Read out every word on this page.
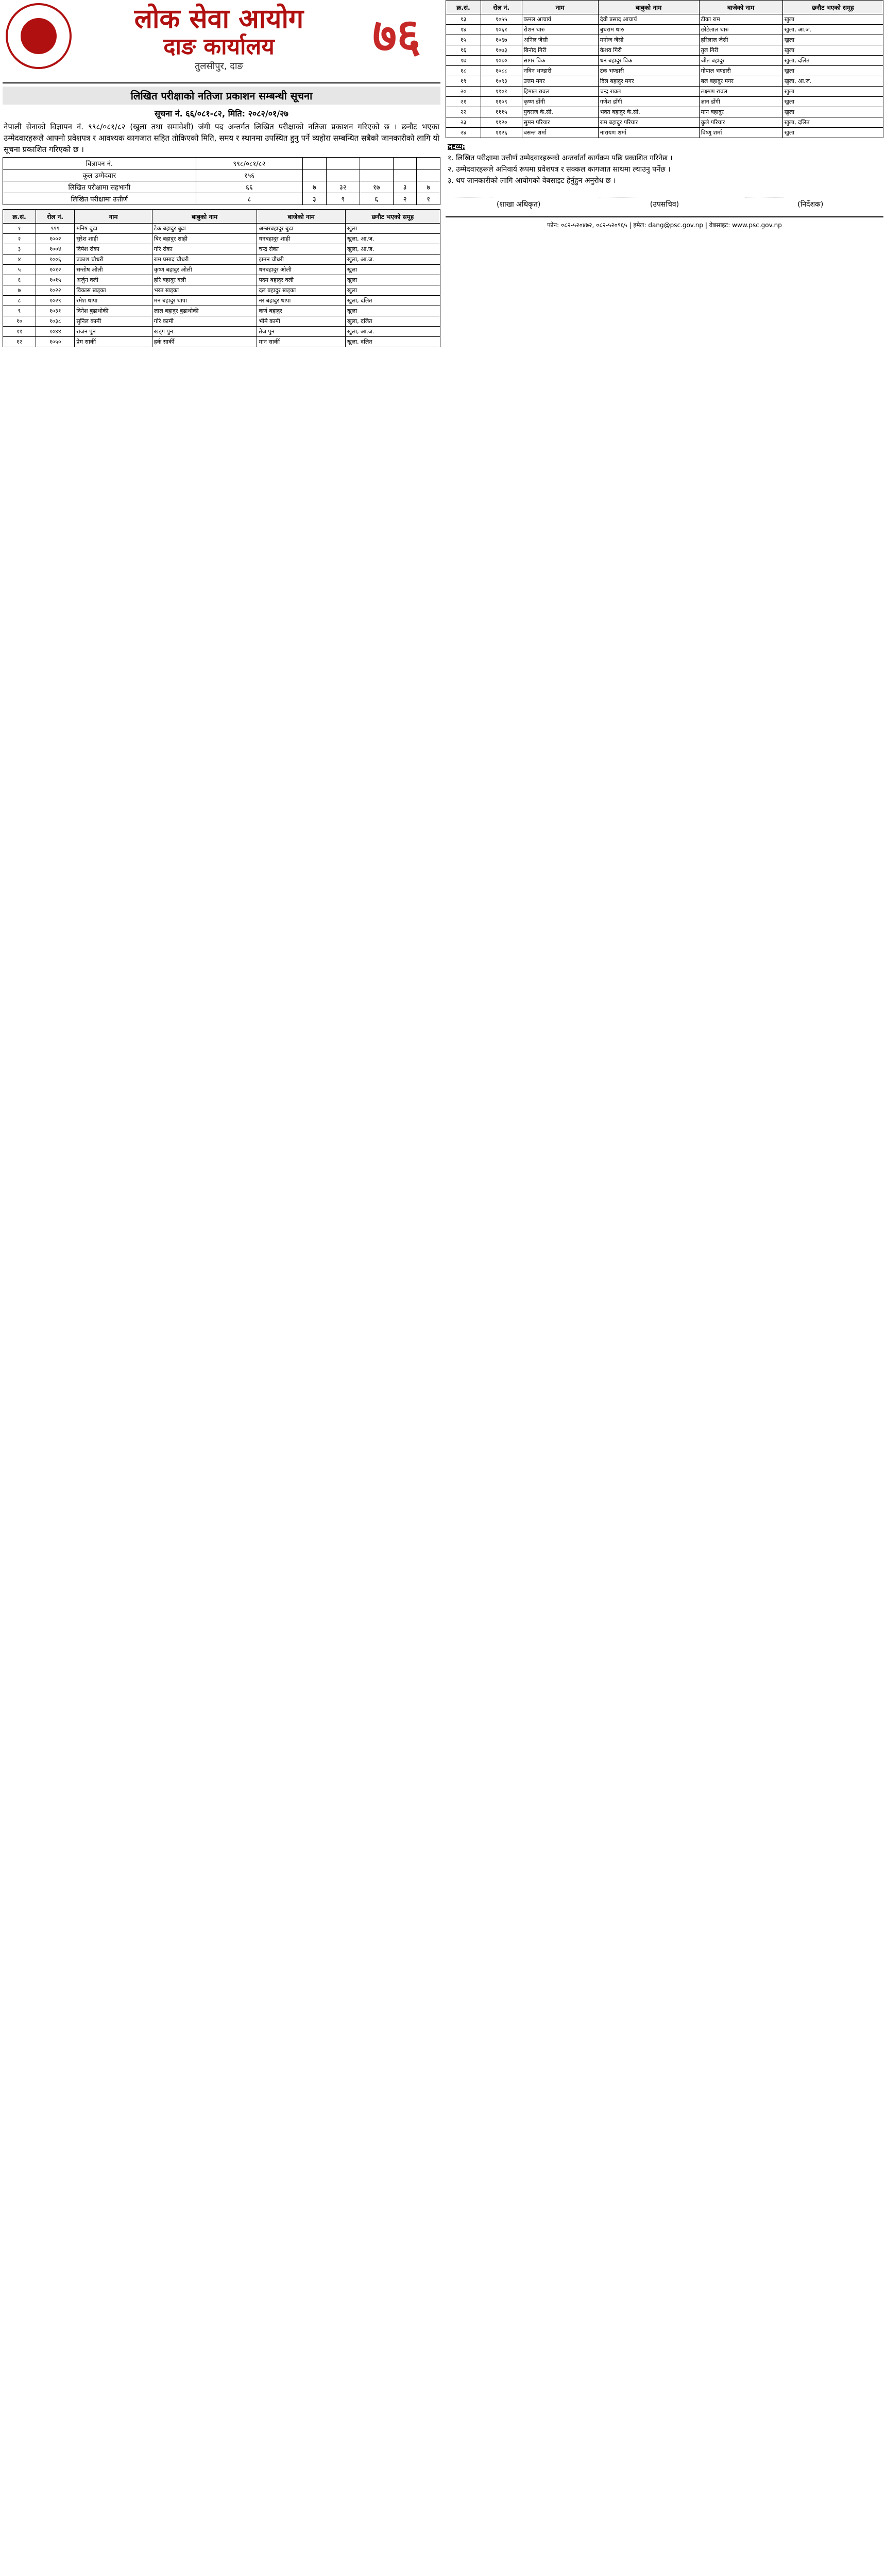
लोक सेवा आयोग
दाङ कार्यालय
तुलसीपुर, दाङ
७६
लिखित परीक्षाको नतिजा प्रकाशन सम्बन्धी सूचना
सूचना नं. ६६/०८१-८२, मिति: २०८२/०१/२७
नेपाली सेनाको विज्ञापन नं. ९९८/०८१/८२ (खुला तथा समावेशी) जंगी पद अन्तर्गत लिखित परीक्षाको नतिजा प्रकाशन गरिएको छ । छनौट भएका उम्मेदवारहरूले आफ्नो प्रवेशपत्र र आवश्यक कागजात सहित तोकिएको मिति, समय र स्थानमा उपस्थित हुनु पर्ने व्यहोरा सम्बन्धित सबैको जानकारीको लागि यो सूचना प्रकाशित गरिएको छ ।
विज्ञापन नं.	९९८/०८१/८२					
कूल उम्मेदवार	१५६					
लिखित परीक्षामा सहभागी	६६	७	३२	१७	३	७
लिखित परीक्षामा उत्तीर्ण	८	३	९	६	२	१
क्र.सं.	रोल नं.	नाम	बाबुको नाम	बाजेको नाम	छनौट भएको समूह
१	९९९	मनिष बुढा	टेक बहादुर बुढा	अम्बरबहादुर बुढा	खुला
२	१००२	सुरेश शाही	बिर बहादुर शाही	धनबहादुर शाही	खुला, आ.ज.
३	१००४	दिपेश रोका	गोरे रोका	चन्द्र रोका	खुला, आ.ज.
४	१००६	प्रकाश चौधरी	राम प्रसाद चौधरी	झमन चौधरी	खुला, आ.ज.
५	१०१२	सन्तोष ओली	कृष्ण बहादुर ओली	धनबहादुर ओली	खुला
६	१०१५	अर्जुन वली	हरि बहादुर वली	पदम बहादुर वली	खुला
७	१०२२	विकास खड्का	भरत खड्का	दल बहादुर खड्का	खुला
८	१०२९	रमेश थापा	मन बहादुर थापा	नर बहादुर थापा	खुला, दलित
९	१०३१	दिनेश बुढाथोकी	लाल बहादुर बुढाथोकी	कर्ण बहादुर	खुला
१०	१०३८	सुनिल कामी	गोरे कामी	भीमे कामी	खुला, दलित
११	१०४४	राजन पुन	खड्ग पुन	तेज पुन	खुला, आ.ज.
१२	१०५०	प्रेम सार्की	हर्क सार्की	मान सार्की	खुला, दलित
क्र.सं.	रोल नं.	नाम	बाबुको नाम	बाजेको नाम	छनौट भएको समूह
१३	१०५५	कमल आचार्य	देवी प्रसाद आचार्य	टीका राम	खुला
१४	१०६१	रोशन थारु	बुधराम थारु	छोटेलाल थारु	खुला, आ.ज.
१५	१०६७	अनिल जैसी	मनोज जैसी	हरिलाल जैसी	खुला
१६	१०७३	बिनोद गिरी	केशव गिरी	तुल गिरी	खुला
१७	१०८०	सागर विक	धन बहादुर विक	जीत बहादुर	खुला, दलित
१८	१०८८	नविन भण्डारी	टंक भण्डारी	गोपाल भण्डारी	खुला
१९	१०९३	उत्तम मगर	दिल बहादुर मगर	बल बहादुर मगर	खुला, आ.ज.
२०	११०१	हिमाल रावल	चन्द्र रावल	लक्ष्मण रावल	खुला
२१	११०९	कृष्ण डाँगी	गणेश डाँगी	ज्ञान डाँगी	खुला
२२	१११५	युवराज के.सी.	भक्त बहादुर के.सी.	मान बहादुर	खुला
२३	११२०	सुमन परियार	राम बहादुर परियार	कुले परियार	खुला, दलित
२४	११२६	बसन्त शर्मा	नारायण शर्मा	विष्णु शर्मा	खुला
द्रष्टव्य:
१. लिखित परीक्षामा उत्तीर्ण उम्मेदवारहरूको अन्तर्वार्ता कार्यक्रम पछि प्रकाशित गरिनेछ ।
२. उम्मेदवारहरूले अनिवार्य रूपमा प्रवेशपत्र र सक्कल कागजात साथमा ल्याउनु पर्नेछ ।
३. थप जानकारीको लागि आयोगको वेबसाइट हेर्नुहुन अनुरोध छ ।
(शाखा अधिकृत)	(उपसचिव)	(निर्देशक)
फोन: ०८२-५२०४७२, ०८२-५२०९६५ | इमेल: dang@psc.gov.np | वेबसाइट: www.psc.gov.np
